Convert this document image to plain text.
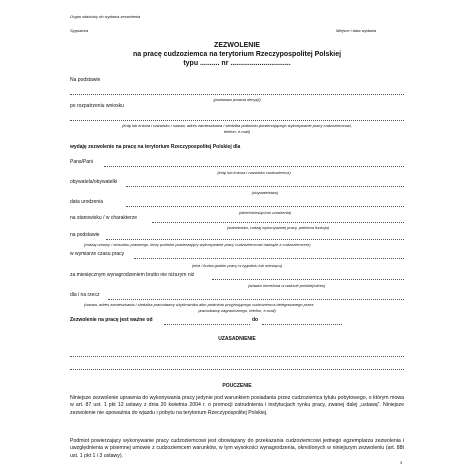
Organ właściwy do wydania zezwolenia
Sygnatura	Miejsce i data wydania
ZEZWOLENIE
na pracę cudzoziemca na terytorium Rzeczypospolitej Polskiej
typu .......... nr ...............................
Na podstawie
(podstawa prawna decyzji)
po rozpatrzeniu wniosku
(imię lub imiona i nazwisko / nazwa, adres zamieszkania / siedziba podmiotu powierzającego wykonywanie pracy cudzoziemcowi,
telefon, e-mail)
wydaję zezwolenie na pracę na terytorium Rzeczypospolitej Polskiej dla
Pana/Pani
(imię lub imiona i nazwisko cudzoziemca)
obywatela/obywatelki
(obywatelstwo)
data urodzenia
(dzień/miesiąc/rok urodzenia)
na stanowisku / w charakterze
(stanowisko, rodzaj wykonywanej pracy, pełniona funkcja)
na podstawie
(rodzaj umowy / stosunku prawnego, który podmiot powierzający wykonywanie pracy cudzoziemcowi nawiąże z cudzoziemcem)
w wymiarze czasu pracy
(etat / liczba godzin pracy w tygodniu lub miesiącu)
za miesięcznym wynagrodzeniem brutto nie niższym niż
(stawka określona w walucie polskiej/okres)
dla i na rzecz
(nazwa, adres zamieszkania / siedziba pracodawcy użytkownika albo podmiotu przyjmującego cudzoziemca delegowanego przez
pracodawcę zagranicznego, telefon, e-mail)
Zezwolenie na pracę jest ważne od	do
UZASADNIENIE
POUCZENIE
Niniejsze zezwolenie uprawnia do wykonywania pracy jedynie pod warunkiem posiadania przez cudzoziemca tytułu pobytowego, o którym mowa w art. 87 ust. 1 pkt 12 ustawy z dnia 20 kwietnia 2004 r. o promocji zatrudnienia i instytucjach rynku pracy, zwanej dalej „ustawą”. Niniejsze zezwolenie nie upoważnia do wjazdu i pobytu na terytorium Rzeczypospolitej Polskiej.
Podmiot powierzający wykonywanie pracy cudzoziemcowi jest obowiązany do przekazania cudzoziemcowi jednego egzemplarza zezwolenia i uwzględnienia w pisemnej umowie z cudzoziemcem warunków, w tym wysokości wynagrodzenia, określonych w niniejszym zezwoleniu (art. 88t ust. 1 pkt 1 i 3 ustawy).
3
